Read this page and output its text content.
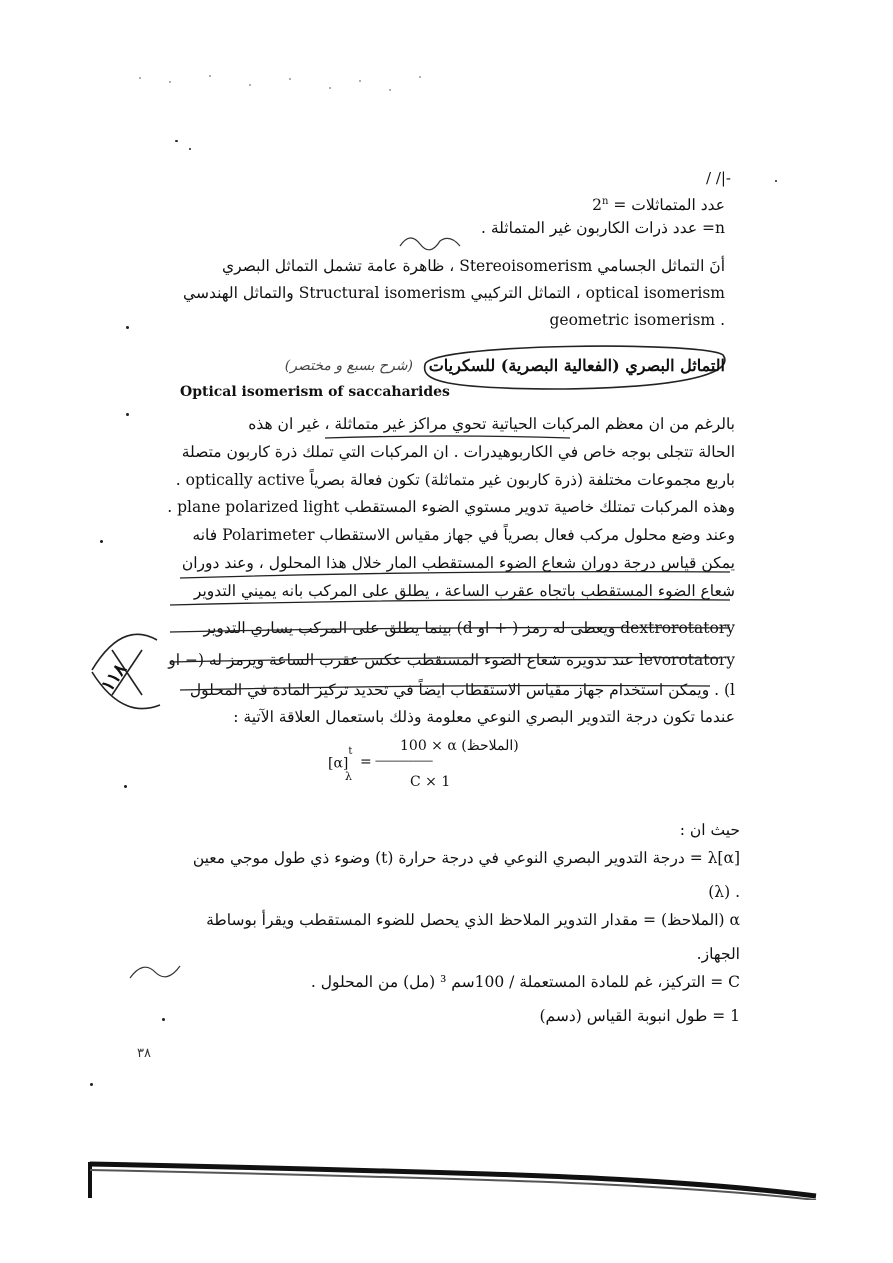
/ /|-
عدد المتماثلات = $2^n$
n= عدد ذرات الكاربون غير المتماثلة .
أنَ التماثل الجسامي Stereoisomerism ، ظاهرة عامة تشمل التماثل البصري
optical isomerism ، التماثل التركيبي Structural isomerism والتماثل الهندسي
. geometric isomerism
التماثل البصري (الفعالية البصرية) للسكريات
(شرح بسبع و مختصر)
Optical isomerism of saccaharides
بالرغم من ان معظم المركبات الحياتية تحوي مراكز غير متماثلة ، غير ان هذه
الحالة تتجلى بوجه خاص في الكاربوهيدرات . ان المركبات التي تملك ذرة كاربون متصلة
باربع مجموعات مختلفة (ذرة كاربون غير متماثلة) تكون فعالة بصرياً optically active .
وهذه المركبات تمتلك خاصية تدوير مستوي الضوء المستقطب plane polarized light .
وعند وضع محلول مركب فعال بصرياً في جهاز مقياس الاستقطاب Polarimeter فانه
يمكن قياس درجة دوران شعاع الضوء المستقطب المار خلال هذا المحلول ، وعند دوران
شعاع الضوء المستقطب باتجاه عقرب الساعة ، يطلق على المركب بانه يميني التدوير
dextrorotatory ويعطى له رمز ( + او d) بينما يطلق على المركب يساري التدوير
levorotatory عند تدويره شعاع الضوء المستقطب عكس عقرب الساعة ويرمز له (− او
l) . ويمكن استخدام جهاز مقياس الاستقطاب ايضاً في تحديد تركيز المادة في المحلول
عندما تكون درجة التدوير البصري النوعي معلومة وذلك باستعمال العلاقة الآتية :
١١٨
$[\alpha]^t$
λ
=
100 × α (الملاحظ)
------------------------
C × 1
حيث ان :
λ[α] = درجة التدوير البصري النوعي في درجة حرارة (t) وضوء ذي طول موجي معين
. (λ)
α (الملاحظ) = مقدار التدوير الملاحظ الذي يحصل للضوء المستقطب ويقرأ بوساطة
الجهاز.
C = التركيز، غم للمادة المستعملة / 100سم ³ (مل) من المحلول .
1 = طول انبوبة القياس (دسم)
٣٨
